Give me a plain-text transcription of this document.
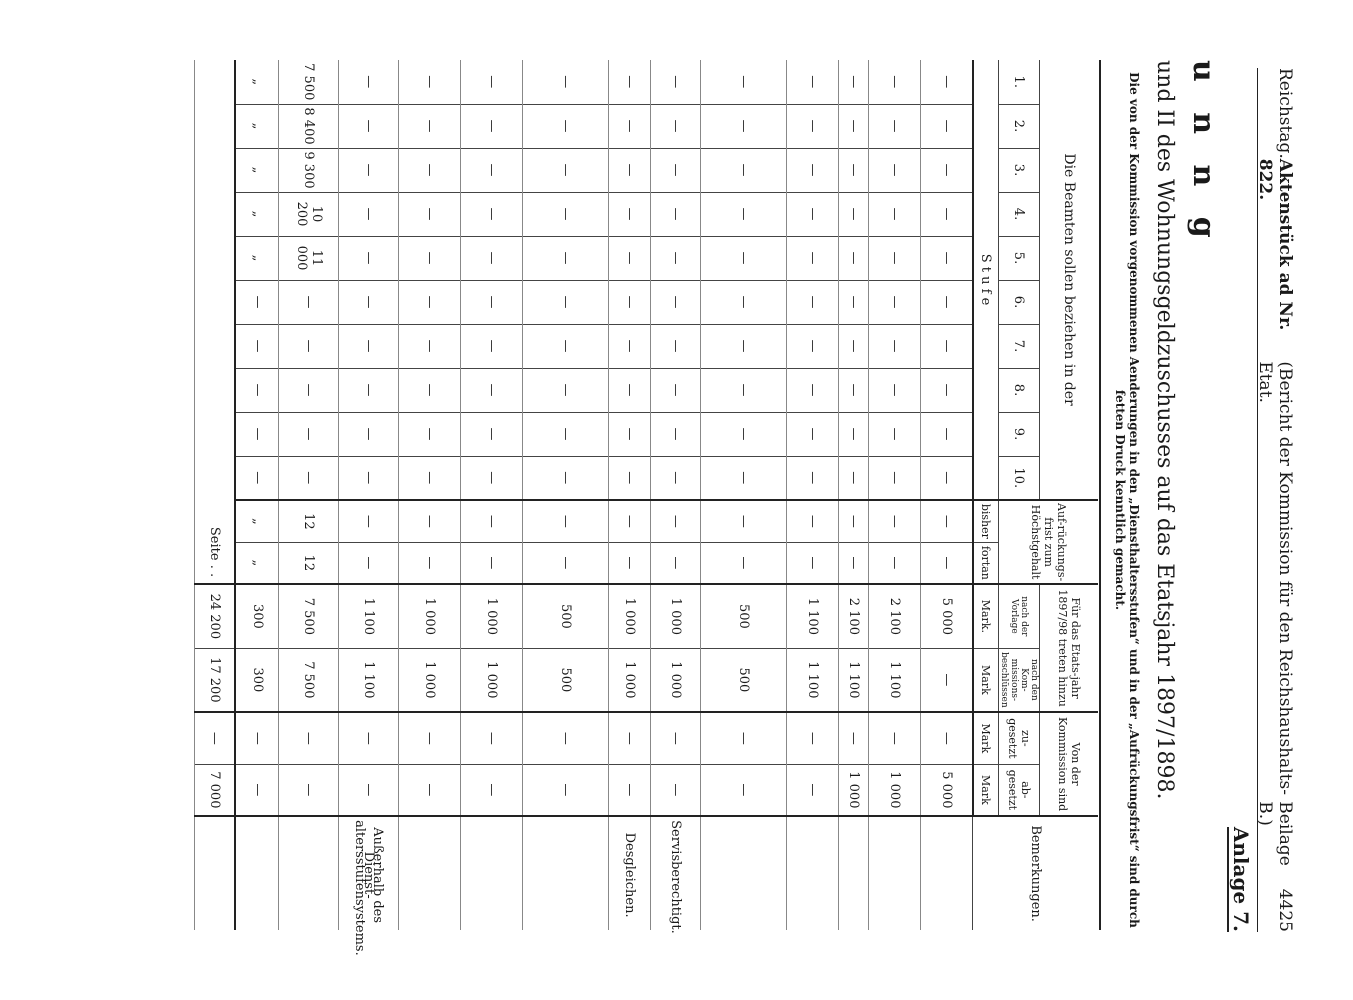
Reichstag.
Aktenstück ad Nr. 822.
(Bericht der Kommission für den Reichshaushalts-Etat.
Beilage B.)
4425
Anlage 7.
u n n g
und II des Wohnungsgeldzuschusses auf das Etatsjahr 1897/1898.
Die von der Kommission vorgenommenen Aenderungen in den „Diensthaltersstufen“ und in der „Aufrückungsfrist“ sind durch fetten Druck kenntlich gemacht.
Die Beamten sollen beziehen in der										Auf-rückungs-frist zum Höchstgehalt		Für das Etats-jahr 1897/98 treten hinzu		Von der Kommission sind		Bemerkungen.
1.	2.	3.	4.	5.	6.	7.	8.	9.	10.			nach der Vorlage	nach den Kom-missions-beschlüssen	zu-gesetzt	ab-gesetzt	
S t u f e										bisher	fortan	Mark.	Mark	Mark	Mark	
—	—	—	—	—	—	—	—	—	—	—	—	5 000	—	—	5 000	
—	—	—	—	—	—	—	—	—	—	—	—	2 100	1 100	—	1 000	
—	—	—	—	—	—	—	—	—	—	—	—	2 100	1 100	—	1 000	
—	—	—	—	—	—	—	—	—	—	—	—	1 100	1 100	—	—	
—	—	—	—	—	—	—	—	—	—	—	—	500	500	—	—	
—	—	—	—	—	—	—	—	—	—	—	—	1 000	1 000	—	—	Servisberechtigt.
—	—	—	—	—	—	—	—	—	—	—	—	1 000	1 000	—	—	Desgleichen.
—	—	—	—	—	—	—	—	—	—	—	—	500	500	—	—	
—	—	—	—	—	—	—	—	—	—	—	—	1 000	1 000	—	—	
—	—	—	—	—	—	—	—	—	—	—	—	1 000	1 000	—	—	
—	—	—	—	—	—	—	—	—	—	—	—	1 100	1 100	—	—	Außerhalb des Dienst-altersstufensystems.
7 500	8 400	9 300	10 200	11 000	—	—	—	—	—	12	12	7 500	7 500	—	—	
„	„	„	„	„	—	—	—	—	—	„	„	300	300	—	—	
Seite . .												24 200	17 200	—	7 000	
